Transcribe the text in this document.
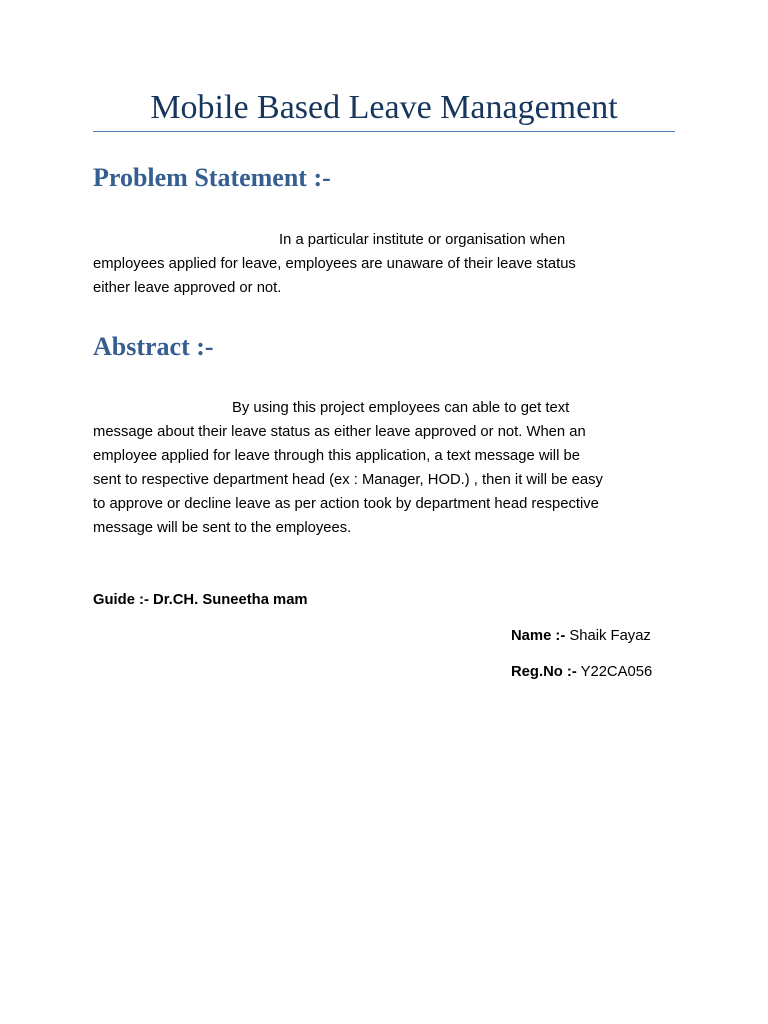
Mobile Based Leave Management
Problem Statement :-

In a particular institute or organisation when
employees applied for leave, employees are unaware of their leave status
either leave approved or not.

Abstract :-

By using this project employees can able to get text
message about their leave status as either leave approved or not. When an
employee applied for leave through this application, a text message will be
sent to respective department head (ex : Manager, HOD.) , then it will be easy
to approve or decline leave as per action took by department head respective
message will be sent to the employees.

Guide :- Dr.CH. Suneetha mam
Name :- Shaik Fayaz
Reg.No :- Y22CA056
